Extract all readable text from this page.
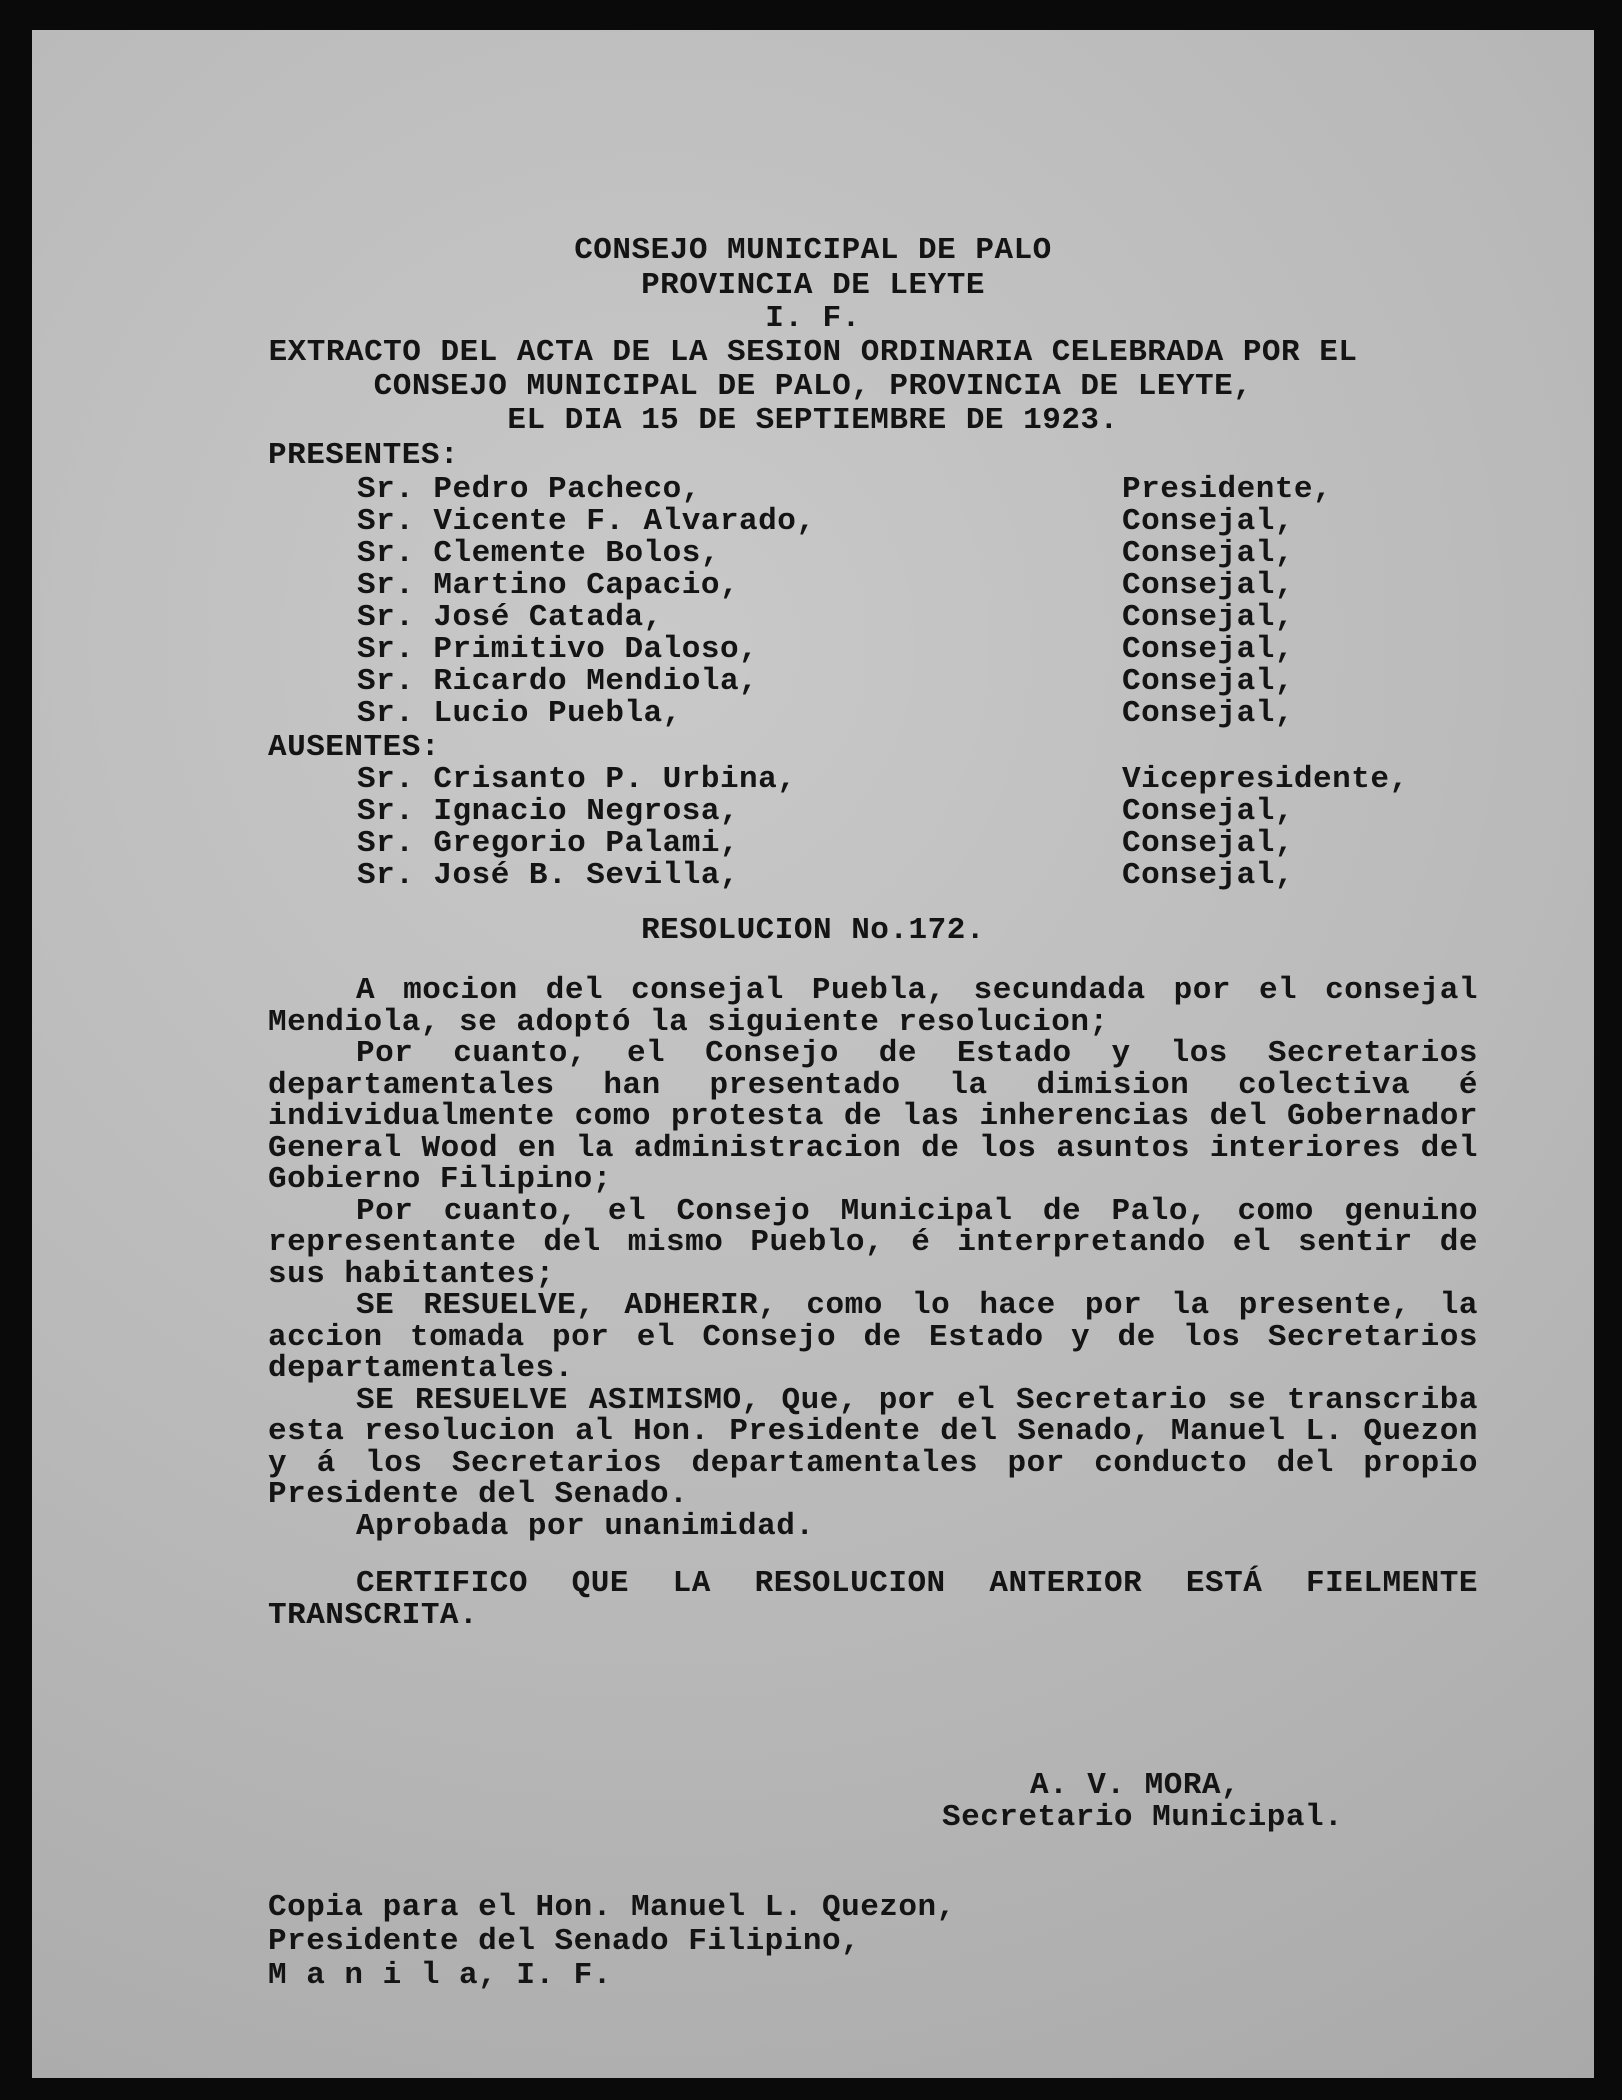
CONSEJO MUNICIPAL DE PALO
PROVINCIA DE LEYTE
I. F.
EXTRACTO DEL ACTA DE LA SESION ORDINARIA CELEBRADA POR EL
CONSEJO MUNICIPAL DE PALO, PROVINCIA DE LEYTE,
EL DIA 15 DE SEPTIEMBRE DE 1923.
PRESENTES:
Sr. Pedro Pacheco,	Presidente,
Sr. Vicente F. Alvarado,	Consejal,
Sr. Clemente Bolos,	Consejal,
Sr. Martino Capacio,	Consejal,
Sr. José Catada,	Consejal,
Sr. Primitivo Daloso,	Consejal,
Sr. Ricardo Mendiola,	Consejal,
Sr. Lucio Puebla,	Consejal,
AUSENTES:
Sr. Crisanto P. Urbina,	Vicepresidente,
Sr. Ignacio Negrosa,	Consejal,
Sr. Gregorio Palami,	Consejal,
Sr. José B. Sevilla,	Consejal,
RESOLUCION No.172.
A mocion del consejal Puebla, secundada por el consejal Mendiola, se adoptó la siguiente resolucion;
Por cuanto, el Consejo de Estado y los Secretarios departamentales han presentado la dimision colectiva é individualmente como protesta de las inherencias del Gobernador General Wood en la administracion de los asuntos interiores del Gobierno Filipino;
Por cuanto, el Consejo Municipal de Palo, como genuino representante del mismo Pueblo, é interpretando el sentir de sus habitantes;
SE RESUELVE, ADHERIR, como lo hace por la presente, la accion tomada por el Consejo de Estado y de los Secretarios departamentales.
SE RESUELVE ASIMISMO, Que, por el Secretario se transcriba esta resolucion al Hon. Presidente del Senado, Manuel L. Quezon y á los Secretarios departamentales por conducto del propio Presidente del Senado.
Aprobada por unanimidad.
CERTIFICO QUE LA RESOLUCION ANTERIOR ESTÁ FIELMENTE TRANSCRITA.
A. V. MORA,
Secretario Municipal.
Copia para el Hon. Manuel L. Quezon,
Presidente del Senado Filipino,
M a n i l a, I. F.
